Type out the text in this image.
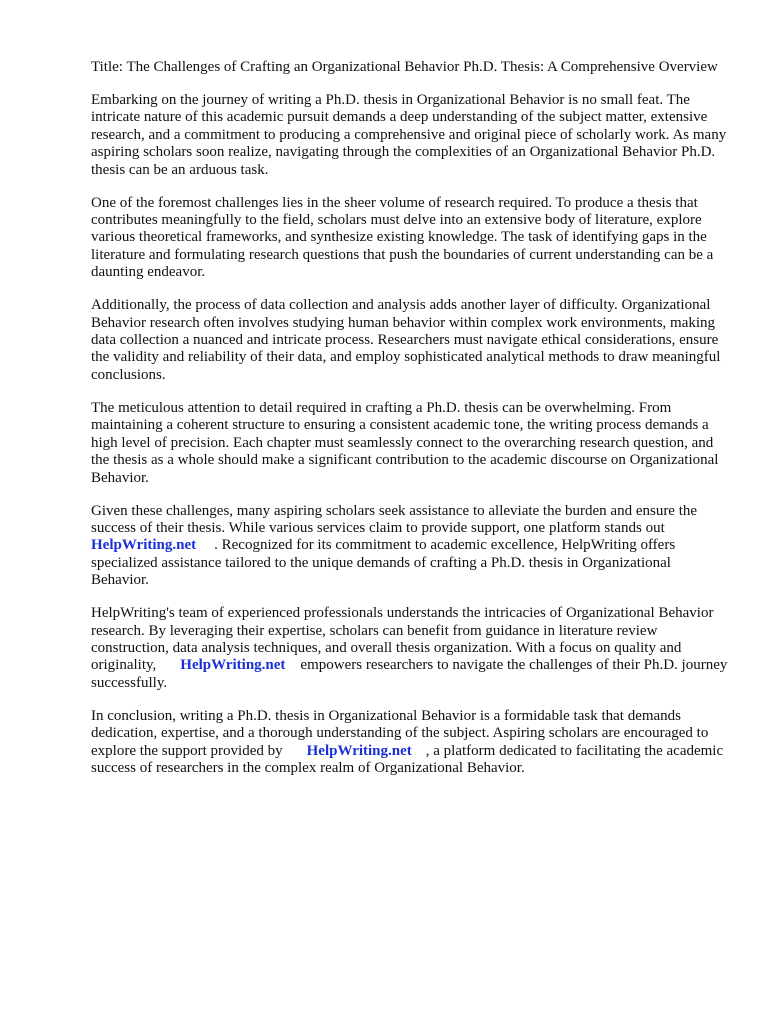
Title: The Challenges of Crafting an Organizational Behavior Ph.D. Thesis: A Comprehensive Overview

Embarking on the journey of writing a Ph.D. thesis in Organizational Behavior is no small feat. The intricate nature of this academic pursuit demands a deep understanding of the subject matter, extensive research, and a commitment to producing a comprehensive and original piece of scholarly work. As many aspiring scholars soon realize, navigating through the complexities of an Organizational Behavior Ph.D. thesis can be an arduous task.

One of the foremost challenges lies in the sheer volume of research required. To produce a thesis that contributes meaningfully to the field, scholars must delve into an extensive body of literature, explore various theoretical frameworks, and synthesize existing knowledge. The task of identifying gaps in the literature and formulating research questions that push the boundaries of current understanding can be a daunting endeavor.

Additionally, the process of data collection and analysis adds another layer of difficulty. Organizational Behavior research often involves studying human behavior within complex work environments, making data collection a nuanced and intricate process. Researchers must navigate ethical considerations, ensure the validity and reliability of their data, and employ sophisticated analytical methods to draw meaningful conclusions.

The meticulous attention to detail required in crafting a Ph.D. thesis can be overwhelming. From maintaining a coherent structure to ensuring a consistent academic tone, the writing process demands a high level of precision. Each chapter must seamlessly connect to the overarching research question, and the thesis as a whole should make a significant contribution to the academic discourse on Organizational Behavior.

Given these challenges, many aspiring scholars seek assistance to alleviate the burden and ensure the success of their thesis. While various services claim to provide support, one platform stands out
HelpWriting.net . Recognized for its commitment to academic excellence, HelpWriting offers specialized assistance tailored to the unique demands of crafting a Ph.D. thesis in Organizational Behavior.

HelpWriting's team of experienced professionals understands the intricacies of Organizational Behavior research. By leveraging their expertise, scholars can benefit from guidance in literature review construction, data analysis techniques, and overall thesis organization. With a focus on quality and originality, HelpWriting.net empowers researchers to navigate the challenges of their Ph.D. journey successfully.

In conclusion, writing a Ph.D. thesis in Organizational Behavior is a formidable task that demands dedication, expertise, and a thorough understanding of the subject. Aspiring scholars are encouraged to explore the support provided by HelpWriting.net , a platform dedicated to facilitating the academic success of researchers in the complex realm of Organizational Behavior.
